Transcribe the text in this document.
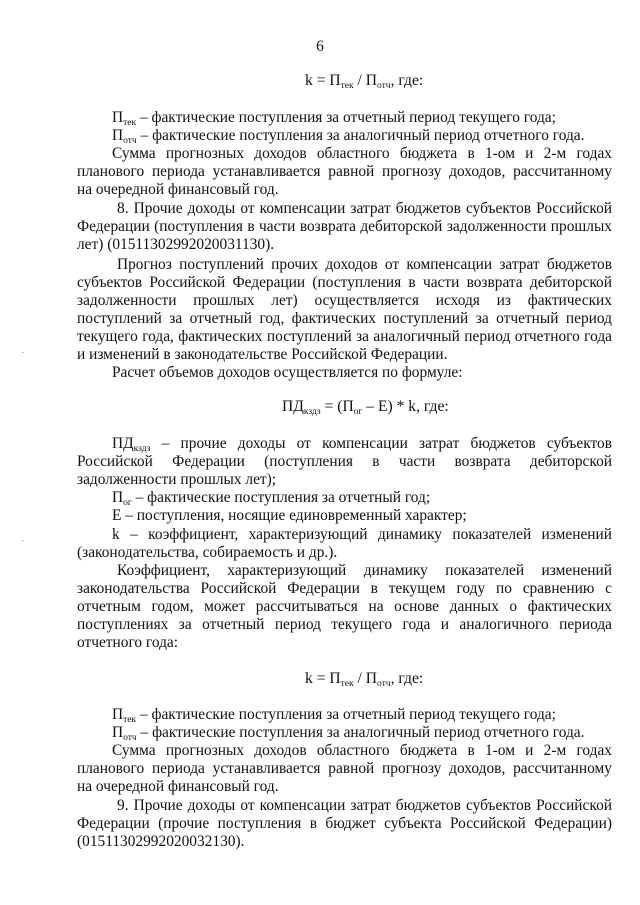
6

$k = П_{тек} / П_{отч}$, где:

$П_{тек}$ – фактические поступления за отчетный период текущего года;

$П_{отч}$ – фактические поступления за аналогичный период отчетного года.

Сумма прогнозных доходов областного бюджета в 1-ом и 2-м годах

планового периода устанавливается равной прогнозу доходов, рассчитанному

на очередной финансовый год.

8. Прочие доходы от компенсации затрат бюджетов субъектов Российской

Федерации (поступления в части возврата дебиторской задолженности прошлых

лет) (01511302992020031130).

Прогноз поступлений прочих доходов от компенсации затрат бюджетов

субъектов Российской Федерации (поступления в части возврата дебиторской

задолженности прошлых лет) осуществляется исходя из фактических

поступлений за отчетный год, фактических поступлений за отчетный период

текущего года, фактических поступлений за аналогичный период отчетного года

и изменений в законодательстве Российской Федерации.

Расчет объемов доходов осуществляется по формуле:

$ПД_{кздз} = (П_{ог} - Е) * k$, где:

$ПД_{кздз}$ – прочие доходы от компенсации затрат бюджетов субъектов

Российской Федерации (поступления в части возврата дебиторской

задолженности прошлых лет);

$П_{ог}$ – фактические поступления за отчетный год;

Е – поступления, носящие единовременный характер;

k – коэффициент, характеризующий динамику показателей изменений

(законодательства, собираемость и др.).

Коэффициент, характеризующий динамику показателей изменений

законодательства Российской Федерации в текущем году по сравнению с

отчетным годом, может рассчитываться на основе данных о фактических

поступлениях за отчетный период текущего года и аналогичного периода

отчетного года:

$k = П_{тек} / П_{отч}$, где:

$П_{тек}$ – фактические поступления за отчетный период текущего года;

$П_{отч}$ – фактические поступления за аналогичный период отчетного года.

Сумма прогнозных доходов областного бюджета в 1-ом и 2-м годах

планового периода устанавливается равной прогнозу доходов, рассчитанному

на очередной финансовый год.

9. Прочие доходы от компенсации затрат бюджетов субъектов Российской

Федерации (прочие поступления в бюджет субъекта Российской Федерации)

(01511302992020032130).
